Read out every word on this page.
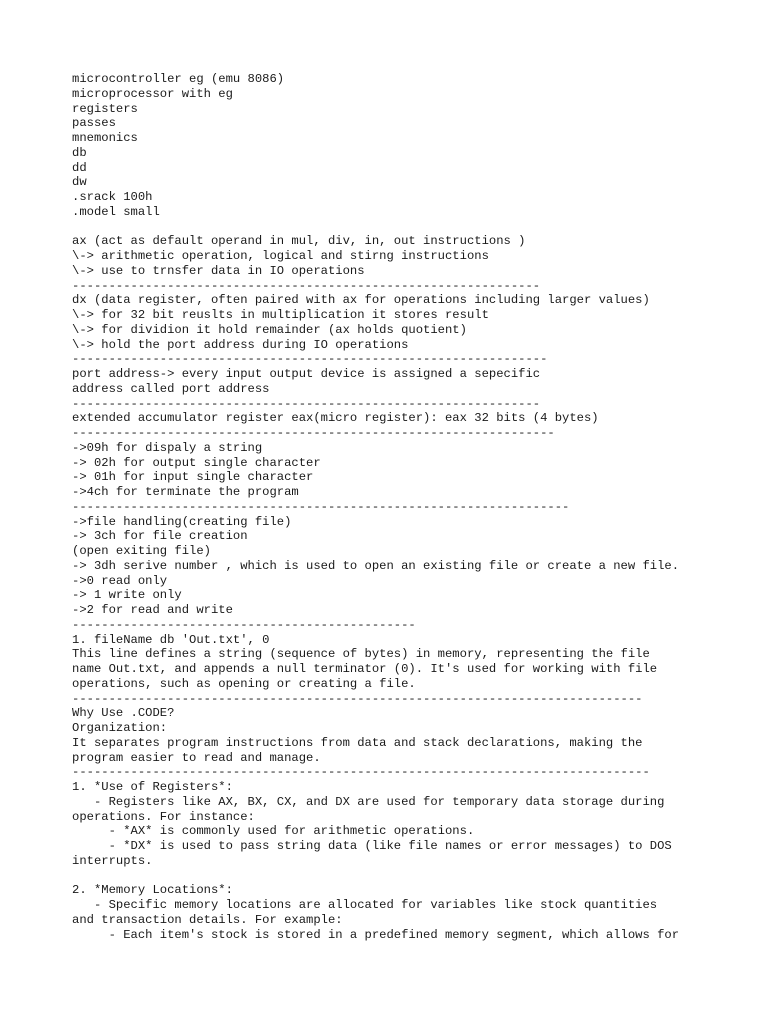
microcontroller eg (emu 8086)
microprocessor with eg
registers
passes
mnemonics
db
dd
dw
.srack 100h
.model small
ax (act as default operand in mul, div, in, out instructions )
\-> arithmetic operation, logical and stirng instructions
\-> use to trnsfer data in IO operations
----------------------------------------------------------------
dx (data register, often paired with ax for operations including larger values)
\-> for 32 bit reuslts in multiplication it stores result
\-> for dividion it hold remainder (ax holds quotient)
\-> hold the port address during IO operations
-----------------------------------------------------------------
port address-> every input output device is assigned a sepecific
address called port address
----------------------------------------------------------------
extended accumulator register eax(micro register): eax 32 bits (4 bytes)
------------------------------------------------------------------
->09h for dispaly a string
-> 02h for output single character
-> 01h for input single character
->4ch for terminate the program
--------------------------------------------------------------------
->file handling(creating file)
-> 3ch for file creation
(open exiting file)
-> 3dh serive number , which is used to open an existing file or create a new file.
->0 read only
-> 1 write only
->2 for read and write
-----------------------------------------------
1. fileName db 'Out.txt', 0
This line defines a string (sequence of bytes) in memory, representing the file
name Out.txt, and appends a null terminator (0). It's used for working with file
operations, such as opening or creating a file.
------------------------------------------------------------------------------
Why Use .CODE?
Organization:
It separates program instructions from data and stack declarations, making the
program easier to read and manage.
-------------------------------------------------------------------------------
1. *Use of Registers*:
- Registers like AX, BX, CX, and DX are used for temporary data storage during
operations. For instance:
- *AX* is commonly used for arithmetic operations.
- *DX* is used to pass string data (like file names or error messages) to DOS
interrupts.
2. *Memory Locations*:
- Specific memory locations are allocated for variables like stock quantities
and transaction details. For example:
- Each item's stock is stored in a predefined memory segment, which allows for
